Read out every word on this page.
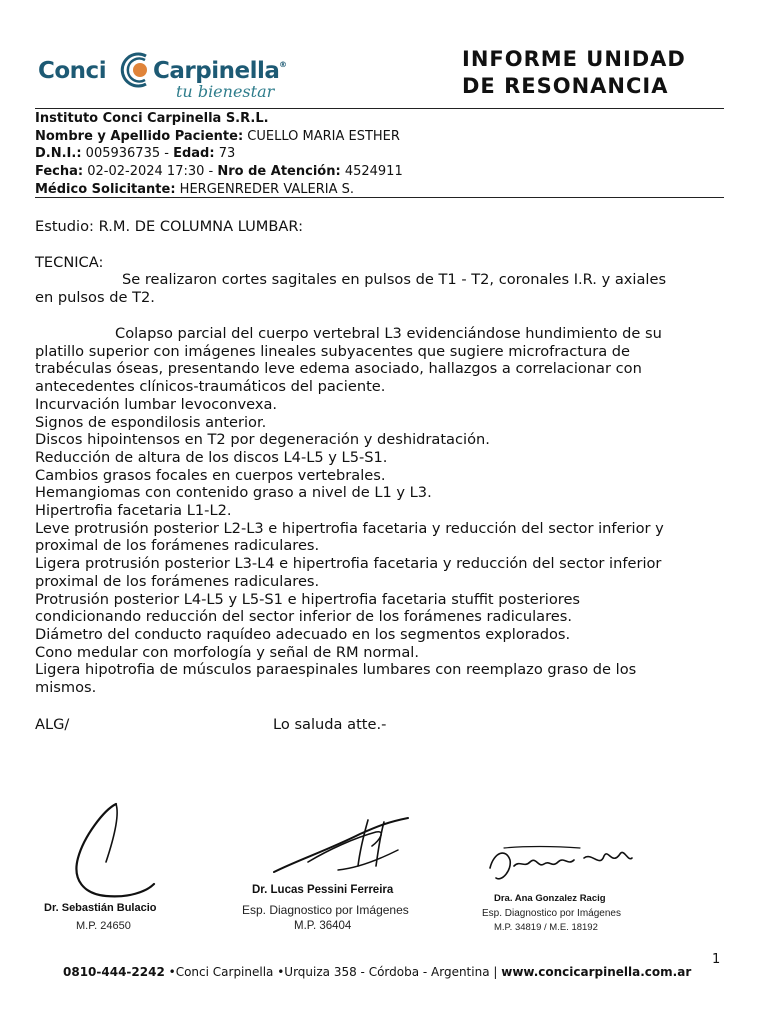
Conci Carpinella ®
tu bienestar
INFORME UNIDAD
DE RESONANCIA
Instituto Conci Carpinella S.R.L.
Nombre y Apellido Paciente: CUELLO MARIA ESTHER
D.N.I.: 005936735 - Edad: 73
Fecha: 02-02-2024 17:30 - Nro de Atención: 4524911
Médico Solicitante: HERGENREDER VALERIA S.
Estudio: R.M. DE COLUMNA LUMBAR:
TECNICA:
Se realizaron cortes sagitales en pulsos de T1 - T2, coronales I.R. y axiales
en pulsos de T2.
Colapso parcial del cuerpo vertebral L3 evidenciándose hundimiento de su
platillo superior con imágenes lineales subyacentes que sugiere microfractura de
trabéculas óseas, presentando leve edema asociado, hallazgos a correlacionar con
antecedentes clínicos-traumáticos del paciente.
Incurvación lumbar levoconvexa.
Signos de espondilosis anterior.
Discos hipointensos en T2 por degeneración y deshidratación.
Reducción de altura de los discos L4-L5 y L5-S1.
Cambios grasos focales en cuerpos vertebrales.
Hemangiomas con contenido graso a nivel de L1 y L3.
Hipertrofia facetaria L1-L2.
Leve protrusión posterior L2-L3 e hipertrofia facetaria y reducción del sector inferior y
proximal de los forámenes radiculares.
Ligera protrusión posterior L3-L4 e hipertrofia facetaria y reducción del sector inferior
proximal de los forámenes radiculares.
Protrusión posterior L4-L5 y L5-S1 e hipertrofia facetaria stuffit posteriores
condicionando reducción del sector inferior de los forámenes radiculares.
Diámetro del conducto raquídeo adecuado en los segmentos explorados.
Cono medular con morfología y señal de RM normal.
Ligera hipotrofia de músculos paraespinales lumbares con reemplazo graso de los
mismos.
ALG/	Lo saluda atte.-
Dr. Sebastián Bulacio
M.P. 24650
Dr. Lucas Pessini Ferreira
Esp. Diagnostico por Imágenes
M.P. 36404
Dra. Ana Gonzalez Racig
Esp. Diagnostico por Imágenes
M.P. 34819 / M.E. 18192
1
0810-444-2242 •Conci Carpinella •Urquiza 358 - Córdoba - Argentina | www.concicarpinella.com.ar
